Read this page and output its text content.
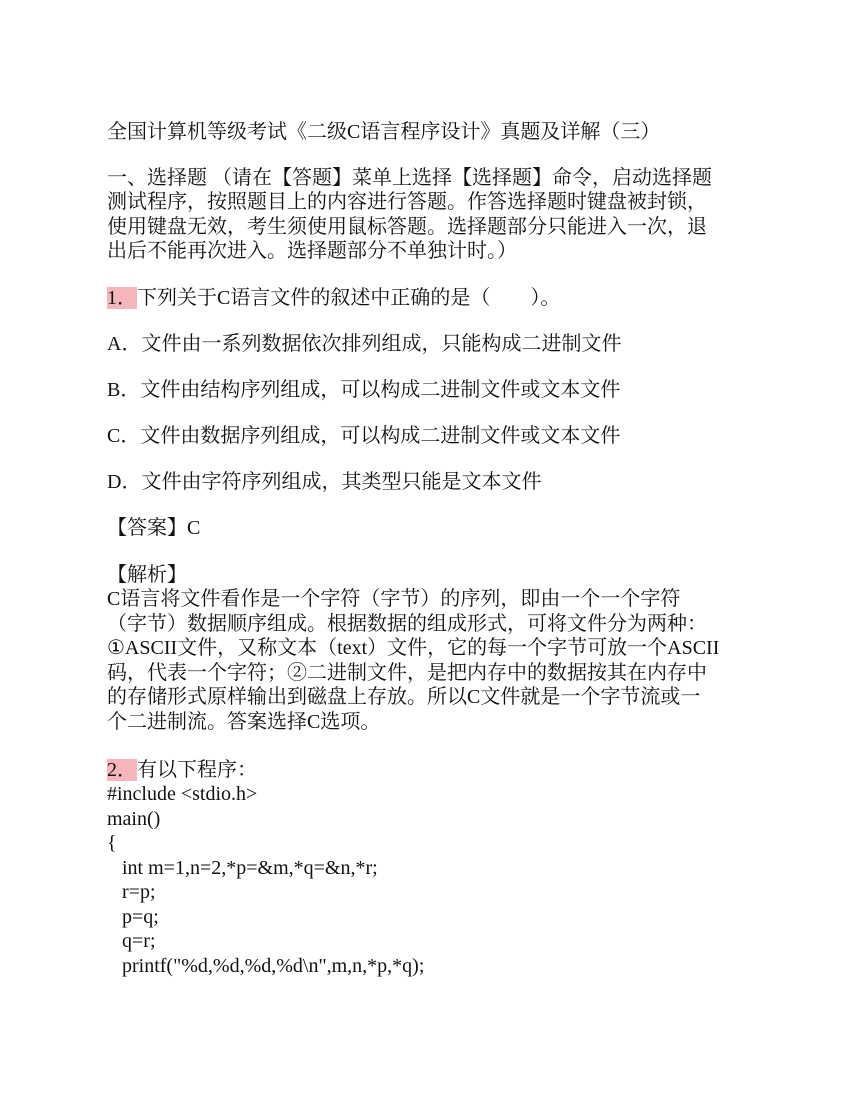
全国计算机等级考试《二级C语言程序设计》真题及详解（三）
一、选择题 （请在【答题】菜单上选择【选择题】命令，启动选择题
测试程序，按照题目上的内容进行答题。作答选择题时键盘被封锁，
使用键盘无效，考生须使用鼠标答题。选择题部分只能进入一次，退
出后不能再次进入。选择题部分不单独计时。）
1．下列关于C语言文件的叙述中正确的是（　　）。
A．文件由一系列数据依次排列组成，只能构成二进制文件
B．文件由结构序列组成，可以构成二进制文件或文本文件
C．文件由数据序列组成，可以构成二进制文件或文本文件
D．文件由字符序列组成，其类型只能是文本文件
【答案】C
【解析】
C语言将文件看作是一个字符（字节）的序列，即由一个一个字符
（字节）数据顺序组成。根据数据的组成形式，可将文件分为两种：
①ASCII文件，又称文本（text）文件，它的每一个字节可放一个ASCII
码，代表一个字符；②二进制文件，是把内存中的数据按其在内存中
的存储形式原样输出到磁盘上存放。所以C文件就是一个字节流或一
个二进制流。答案选择C选项。
2．有以下程序：
#include <stdio.h>
main()
{
int m=1,n=2,*p=&m,*q=&n,*r;
r=p;
p=q;
q=r;
printf("%d,%d,%d,%d\n",m,n,*p,*q);
